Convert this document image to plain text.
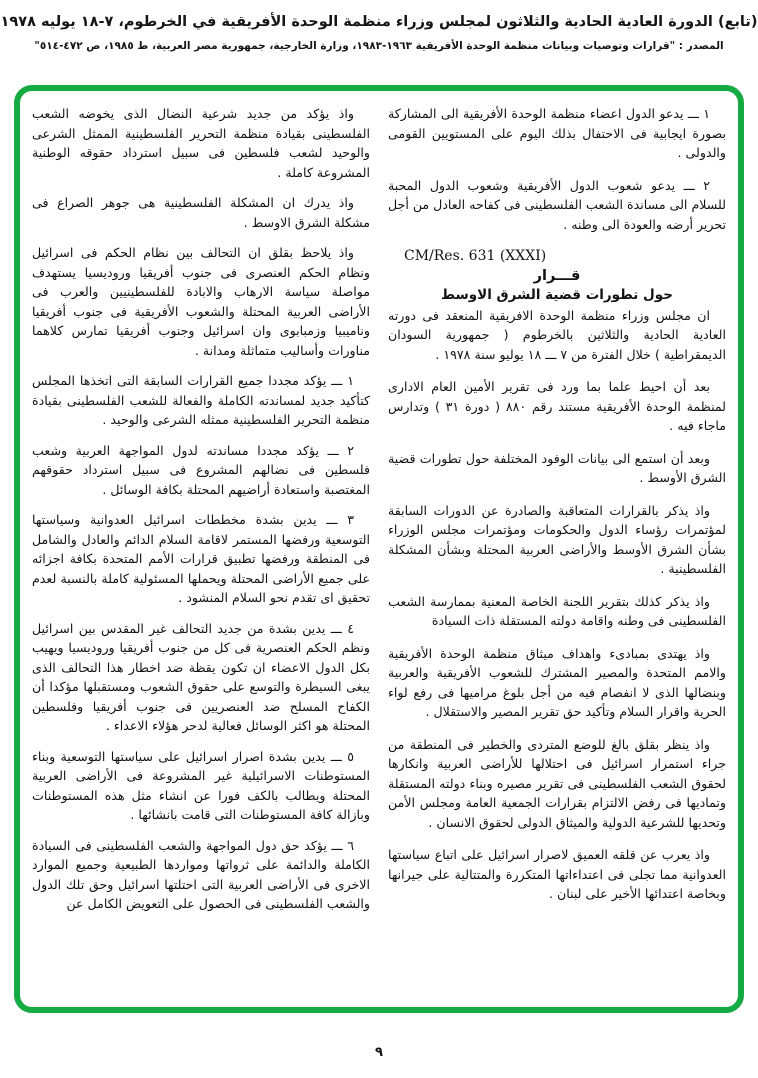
(تابع) الدورة العادية الحادية والثلاثون لمجلس وزراء منظمة الوحدة الأفريقية في الخرطوم، ٧-١٨ يوليه ١٩٧٨
المصدر : "قرارات وتوصيات وبيانات منظمة الوحدة الأفريقية ١٩٦٣-١٩٨٣، وزارة الخارجية، جمهورية مصر العربية، ط ١٩٨٥، ص ٤٧٢-٥١٤"

١ ـــ يدعو الدول اعضاء منظمة الوحدة الأفريقية الى المشاركة بصورة ايجابية فى الاحتفال بذلك اليوم على المستويين القومى والدولى .

٢ ـــ يدعو شعوب الدول الأفريقية وشعوب الدول المحبة للسلام الى مساندة الشعب الفلسطينى فى كفاحه العادل من أجل تحرير أرضه والعودة الى وطنه .

CM/Res. 631 (XXXI)

قـــرار

حول تطورات قضية الشرق الاوسط

ان مجلس وزراء منظمة الوحدة الافريقية المنعقد فى دورته العادية الحادية والثلاثين بالخرطوم ( جمهورية السودان الديمقراطية ) خلال الفترة من ٧ ـــ ١٨ يوليو سنة ١٩٧٨ .

بعد أن احيط علما بما ورد فى تقرير الأمين العام الادارى لمنظمة الوحدة الأفريقية مستند رقم ٨٨٠ ( دورة ٣١ ) وتدارس ماجاء فيه .

وبعد أن استمع الى بيانات الوفود المختلفة حول تطورات قضية الشرق الأوسط .

واذ يذكر بالقرارات المتعاقبة والصادرة عن الدورات السابقة لمؤتمرات رؤساء الدول والحكومات ومؤتمرات مجلس الوزراء بشأن الشرق الأوسط والأراضى العربية المحتلة وبشأن المشكلة الفلسطينية .

واذ يذكر كذلك بتقرير اللجنة الخاصة المعنية بممارسة الشعب الفلسطينى فى وطنه واقامة دولته المستقلة ذات السيادة

واذ يهتدى بمبادىء واهداف ميثاق منظمة الوحدة الأفريقية والامم المتحدة والمصير المشترك للشعوب الأفريقية والعربية وبنضالها الذى لا انفصام فيه من أجل بلوغ مراميها فى رفع لواء الحرية واقرار السلام وتأكيد حق تقرير المصير والاستقلال .

واذ ينظر بقلق بالغ للوضع المتردى والخطير فى المنطقة من جراء استمرار اسرائيل فى احتلالها للأراضى العربية وانكارها لحقوق الشعب الفلسطينى فى تقرير مصيره وبناء دولته المستقلة وتماديها فى رفض الالتزام بقرارات الجمعية العامة ومجلس الأمن وتحديها للشرعية الدولية والميثاق الدولى لحقوق الانسان .

واذ يعرب عن قلقه العميق لاصرار اسرائيل على اتباع سياستها العدوانية مما تجلى فى اعتداءاتها المتكررة والمتتالية على جيرانها وبخاصة اعتدائها الأخير على لبنان .

واذ يؤكد من جديد شرعية النضال الذى يخوضه الشعب الفلسطينى بقيادة منظمة التحرير الفلسطينية الممثل الشرعى والوحيد لشعب فلسطين فى سبيل استرداد حقوقه الوطنية المشروعة كاملة .

واذ يدرك ان المشكلة الفلسطينية هى جوهر الصراع فى مشكلة الشرق الاوسط .

واذ يلاحظ بقلق ان التحالف بين نظام الحكم فى اسرائيل ونظام الحكم العنصرى فى جنوب أفريقيا وروديسيا يستهدف مواصلة سياسة الارهاب والابادة للفلسطينيين والعرب فى الأراضى العربية المحتلة والشعوب الأفريقية فى جنوب أفريقيا وناميبيا وزمبابوى وان اسرائيل وجنوب أفريقيا تمارس كلاهما مناورات وأساليب متماثلة ومدانة .

١ ـــ يؤكد مجددا جميع القرارات السابقة التى اتخذها المجلس كتأكيد جديد لمساندته الكاملة والفعالة للشعب الفلسطينى بقيادة منظمة التحرير الفلسطينية ممثله الشرعى والوحيد .

٢ ـــ يؤكد مجددا مساندته لدول المواجهة العربية وشعب فلسطين فى نضالهم المشروع فى سبيل استرداد حقوقهم المغتصبة واستعادة أراضيهم المحتلة بكافة الوسائل .

٣ ـــ يدين بشدة مخططات اسرائيل العدوانية وسياستها التوسعية ورفضها المستمر لاقامة السلام الدائم والعادل والشامل فى المنطقة ورفضها تطبيق قرارات الأمم المتحدة بكافة اجزائه على جميع الأراضى المحتلة ويحملها المسئولية كاملة بالنسبة لعدم تحقيق اى تقدم نحو السلام المنشود .

٤ ـــ يدين بشدة من جديد التحالف غير المقدس بين اسرائيل ونظم الحكم العنصرية فى كل من جنوب أفريقيا وروديسيا ويهيب بكل الدول الاعضاء ان تكون يقظة ضد اخطار هذا التحالف الذى يبغى السيطرة والتوسع على حقوق الشعوب ومستقبلها مؤكدا أن الكفاح المسلح ضد العنصريين فى جنوب أفريقيا وفلسطين المحتلة هو اكثر الوسائل فعالية لدحر هؤلاء الاعداء .

٥ ـــ يدين بشدة اصرار اسرائيل على سياستها التوسعية وبناء المستوطنات الاسرائيلية غير المشروعة فى الأراضى العربية المحتلة ويطالب بالكف فورا عن انشاء مثل هذه المستوطنات وبازالة كافة المستوطنات التى قامت بانشائها .

٦ ـــ يؤكد حق دول المواجهة والشعب الفلسطينى فى السيادة الكاملة والدائمة على ثرواتها ومواردها الطبيعية وجميع الموارد الاخرى فى الأراضى العربية التى احتلتها اسرائيل وحق تلك الدول والشعب الفلسطينى فى الحصول على التعويض الكامل عن

٩
